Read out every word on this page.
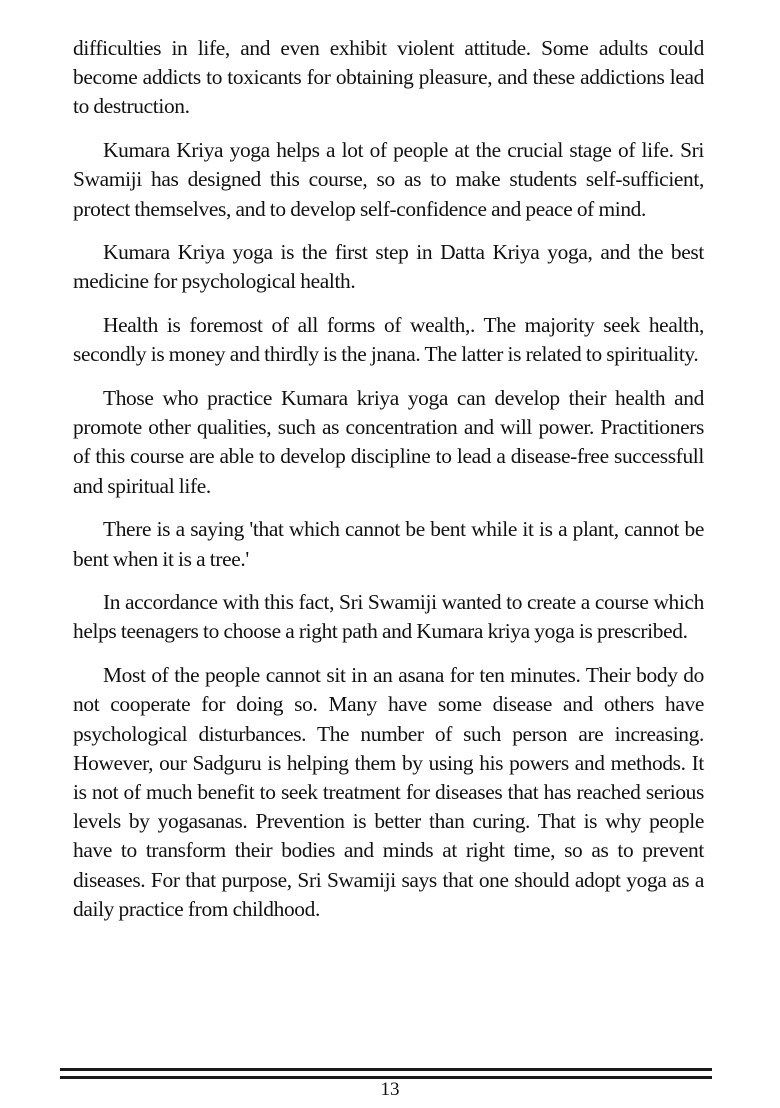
difficulties in life, and even exhibit violent attitude. Some adults could become addicts to toxicants for obtaining pleasure, and these addictions lead to destruction.

Kumara Kriya yoga helps a lot of people at the crucial stage of life. Sri Swamiji has designed this course, so as to make students self-sufficient, protect themselves, and to develop self-confidence and peace of mind.

Kumara Kriya yoga is the first step in Datta Kriya yoga, and the best medicine for psychological health.

Health is foremost of all forms of wealth,. The majority seek health, secondly is money and thirdly is the jnana. The latter is related to spirituality.

Those who practice Kumara kriya yoga can develop their health and promote other qualities, such as concentration and will power. Practitioners of this course are able to develop discipline to lead a disease-free successfull and spiritual life.

There is a saying 'that which cannot be bent while it is a plant, cannot be bent when it is a tree.'

In accordance with this fact, Sri Swamiji wanted to create a course which helps teenagers to choose a right path and Kumara kriya yoga is prescribed.

Most of the people cannot sit in an asana for ten minutes. Their body do not cooperate for doing so. Many have some disease and others have psychological disturbances. The number of such person are increasing. However, our Sadguru is helping them by using his powers and methods. It is not of much benefit to seek treatment for diseases that has reached serious levels by yogasanas. Prevention is better than curing. That is why people have to transform their bodies and minds at right time, so as to prevent diseases. For that purpose, Sri Swamiji says that one should adopt yoga as a daily practice from childhood.

13
